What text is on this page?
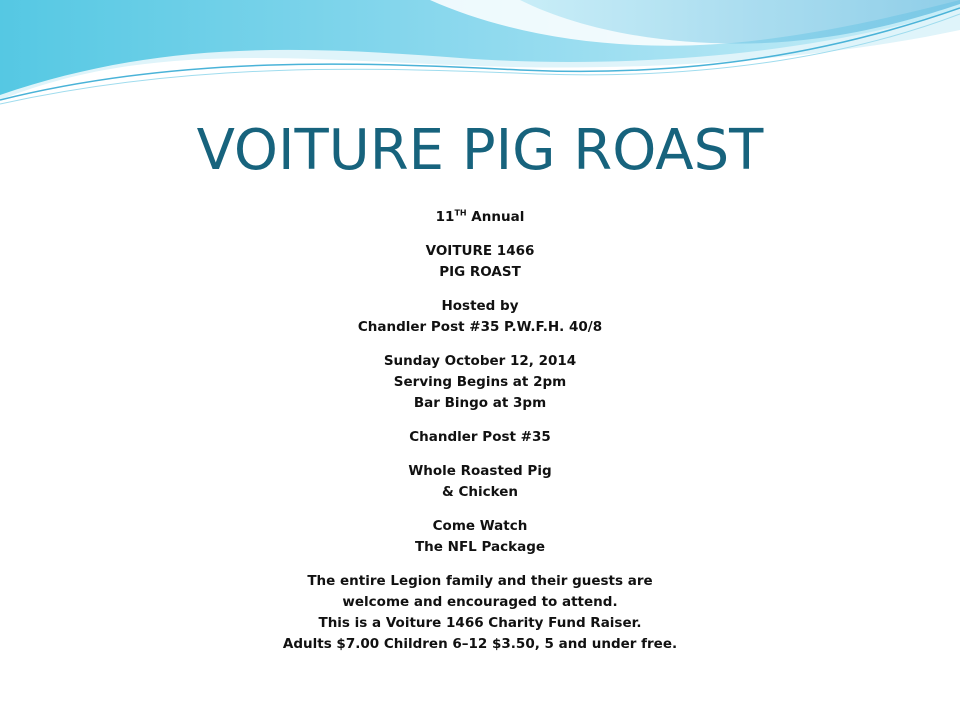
VOITURE PIG ROAST

11TH Annual

VOITURE 1466
PIG ROAST

Hosted by
Chandler Post #35 P.W.F.H. 40/8

Sunday October 12, 2014
Serving Begins at 2pm
Bar Bingo at 3pm

Chandler Post #35

Whole Roasted Pig
& Chicken

Come Watch
The NFL Package

The entire Legion family and their guests are
welcome and encouraged to attend.
This is a Voiture 1466 Charity Fund Raiser.
Adults $7.00 Children 6–12 $3.50, 5 and under free.
